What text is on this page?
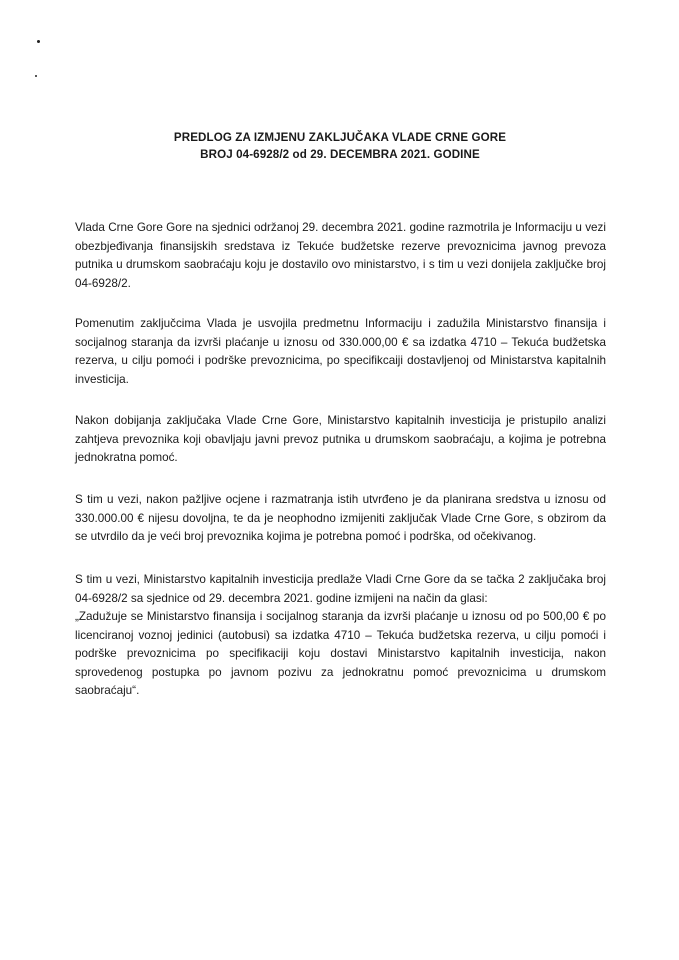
PREDLOG ZA IZMJENU ZAKLJUČAKA VLADE CRNE GORE
BROJ 04-6928/2 od 29. DECEMBRA 2021. GODINE

Vlada Crne Gore Gore na sjednici održanoj 29. decembra 2021. godine razmotrila je Informaciju u vezi obezbjeđivanja finansijskih sredstava iz Tekuće budžetske rezerve prevoznicima javnog prevoza putnika u drumskom saobraćaju koju je dostavilo ovo ministarstvo, i s tim u vezi donijela zaključke broj 04-6928/2.

Pomenutim zaključcima Vlada je usvojila predmetnu Informaciju i zadužila Ministarstvo finansija i socijalnog staranja da izvrši plaćanje u iznosu od 330.000,00 € sa izdatka 4710 – Tekuća budžetska rezerva, u cilju pomoći i podrške prevoznicima, po specifikcaiji dostavljenoj od Ministarstva kapitalnih investicija.

Nakon dobijanja zaključaka Vlade Crne Gore, Ministarstvo kapitalnih investicija je pristupilo analizi zahtjeva prevoznika koji obavljaju javni prevoz putnika u drumskom saobraćaju, a kojima je potrebna jednokratna pomoć.

S tim u vezi, nakon pažljive ocjene i razmatranja istih utvrđeno je da planirana sredstva u iznosu od 330.000.00 € nijesu dovoljna, te da je neophodno izmijeniti zaključak Vlade Crne Gore, s obzirom da se utvrdilo da je veći broj prevoznika kojima je potrebna pomoć i podrška, od očekivanog.

S tim u vezi, Ministarstvo kapitalnih investicija predlaže Vladi Crne Gore da se tačka 2 zaključaka broj 04-6928/2 sa sjednice od 29. decembra 2021. godine izmijeni na način da glasi:

„Zadužuje se Ministarstvo finansija i socijalnog staranja da izvrši plaćanje u iznosu od po 500,00 € po licenciranoj voznoj jedinici (autobusi) sa izdatka 4710 – Tekuća budžetska rezerva, u cilju pomoći i podrške prevoznicima po specifikaciji koju dostavi Ministarstvo kapitalnih investicija, nakon sprovedenog postupka po javnom pozivu za jednokratnu pomoć prevoznicima u drumskom saobraćaju“.
